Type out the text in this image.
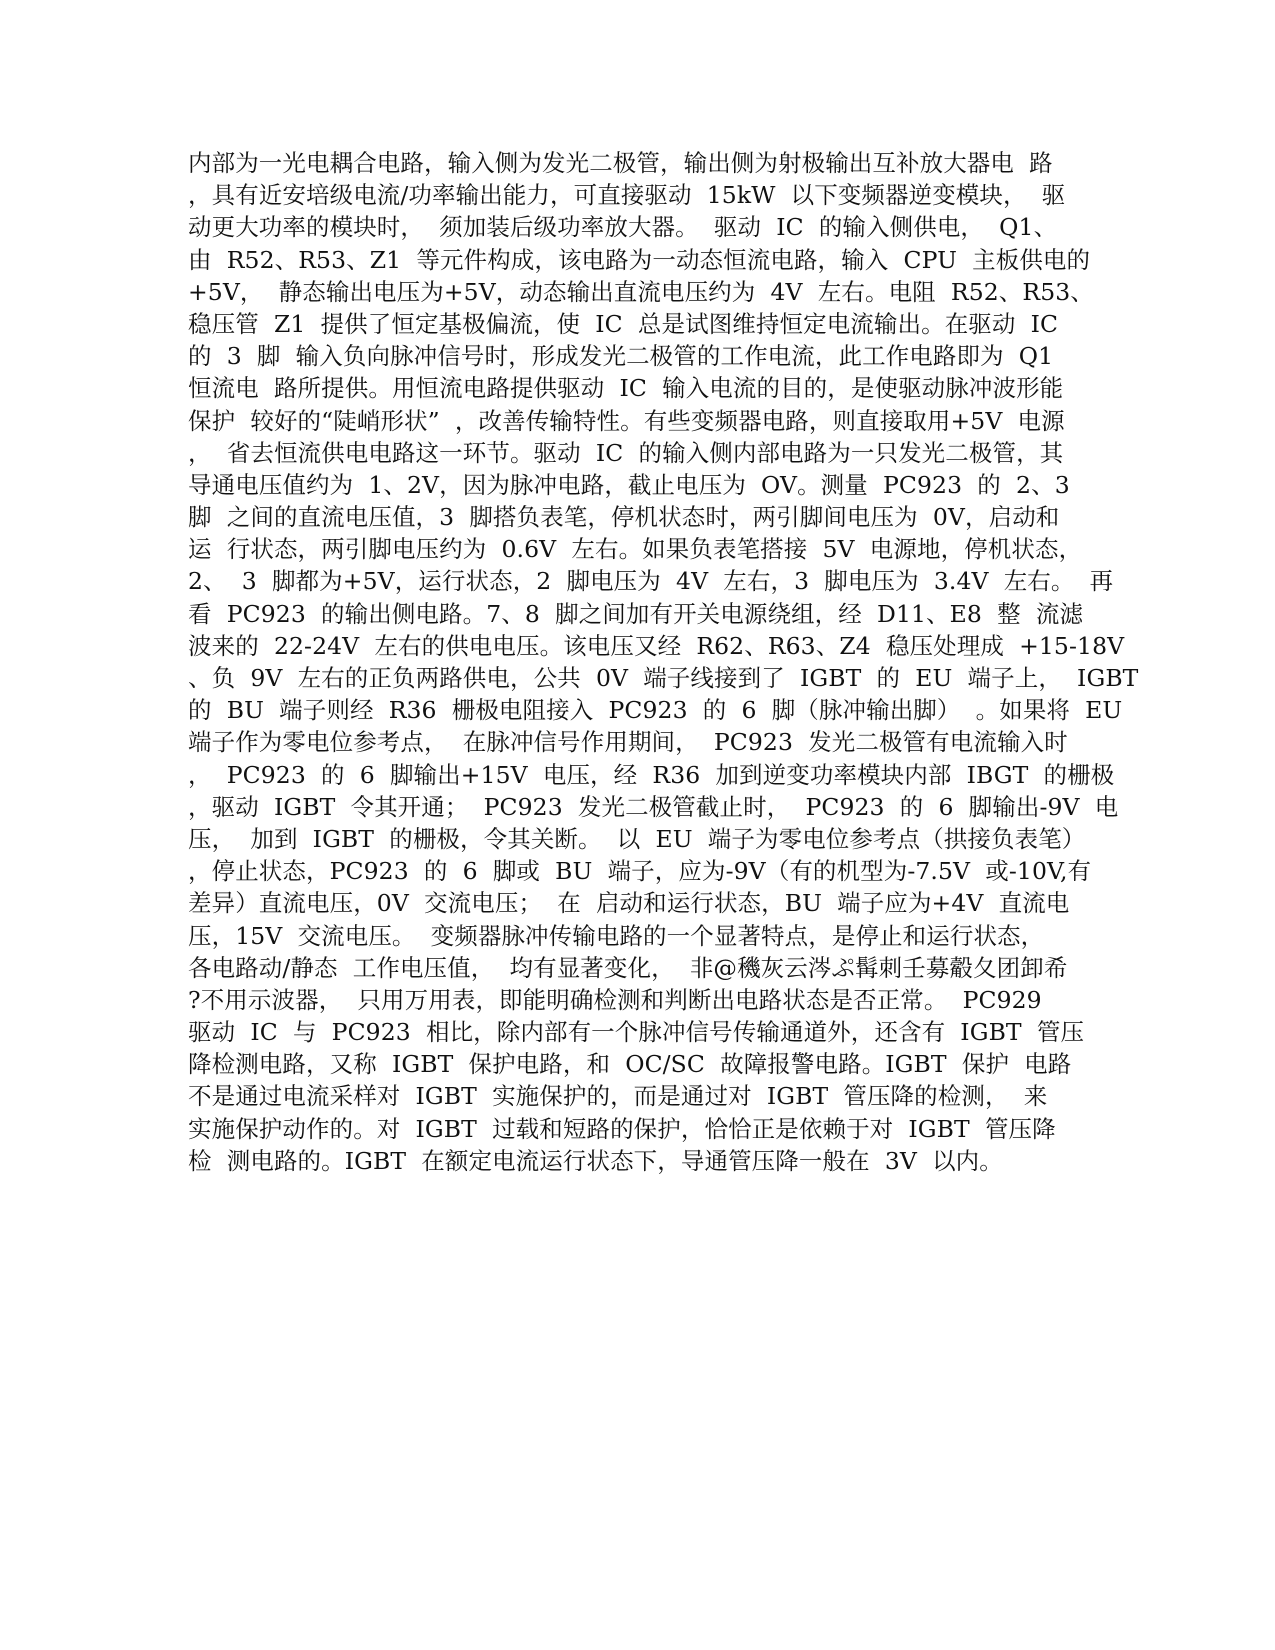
内部为一光电耦合电路，输入侧为发光二极管，输出侧为射极输出互补放大器电  路
，具有近安培级电流/功率输出能力，可直接驱动  15kW  以下变频器逆变模块，  驱
动更大功率的模块时，  须加装后级功率放大器。  驱动  IC  的输入侧供电，  Q1、
由  R52、R53、Z1  等元件构成，该电路为一动态恒流电路，输入  CPU  主板供电的
+5V，  静态输出电压为+5V，动态输出直流电压约为  4V  左右。电阻  R52、R53、
稳压管  Z1  提供了恒定基极偏流，使  IC  总是试图维持恒定电流输出。在驱动  IC
的  3  脚  输入负向脉冲信号时，形成发光二极管的工作电流，此工作电路即为  Q1
恒流电  路所提供。用恒流电路提供驱动  IC  输入电流的目的，是使驱动脉冲波形能
保护  较好的“陡峭形状”  ，改善传输特性。有些变频器电路，则直接取用+5V  电源
，  省去恒流供电电路这一环节。驱动  IC  的输入侧内部电路为一只发光二极管，其
导通电压值约为  1、2V，因为脉冲电路，截止电压为  OV。测量  PC923  的  2、3
脚  之间的直流电压值，3  脚搭负表笔，停机状态时，两引脚间电压为  0V，启动和
运  行状态，两引脚电压约为  0.6V  左右。如果负表笔搭接  5V  电源地，停机状态，
2、  3  脚都为+5V，运行状态，2  脚电压为  4V  左右，3  脚电压为  3.4V  左右。  再
看  PC923  的输出侧电路。7、8  脚之间加有开关电源绕组，经  D11、E8  整  流滤
波来的  22-24V  左右的供电电压。该电压又经  R62、R63、Z4  稳压处理成  +15-18V
、负  9V  左右的正负两路供电，公共  0V  端子线接到了  IGBT  的  EU  端子上，  IGBT
的  BU  端子则经  R36  栅极电阻接入  PC923  的  6  脚（脉冲输出脚）  。如果将  EU
端子作为零电位参考点，  在脉冲信号作用期间，  PC923  发光二极管有电流输入时
，  PC923  的  6  脚输出+15V  电压，经  R36  加到逆变功率模块内部  IBGT  的栅极
，驱动  IGBT  令其开通；  PC923  发光二极管截止时，  PC923  的  6  脚输出-9V  电
压，  加到  IGBT  的栅极，令其关断。  以  EU  端子为零电位参考点（拱接负表笔）
，停止状态，PC923  的  6  脚或  BU  端子，应为-9V（有的机型为-7.5V  或-10V,有
差异）直流电压，0V  交流电压；  在  启动和运行状态，BU  端子应为+4V  直流电
压，15V  交流电压。  变频器脉冲传输电路的一个显著特点，是停止和运行状态，
各电路动/静态  工作电压值，  均有显著变化，  非@穖灰云涔ぷ髯刺壬募觳夂团卸希
?不用示波器，  只用万用表，即能明确检测和判断出电路状态是否正常。  PC929
驱动  IC  与  PC923  相比，除内部有一个脉冲信号传输通道外，还含有  IGBT  管压
降检测电路，又称  IGBT  保护电路，和  OC/SC  故障报警电路。IGBT  保护  电路
不是通过电流采样对  IGBT  实施保护的，而是通过对  IGBT  管压降的检测，  来
实施保护动作的。对  IGBT  过载和短路的保护，恰恰正是依赖于对  IGBT  管压降
检  测电路的。IGBT  在额定电流运行状态下，导通管压降一般在  3V  以内。
